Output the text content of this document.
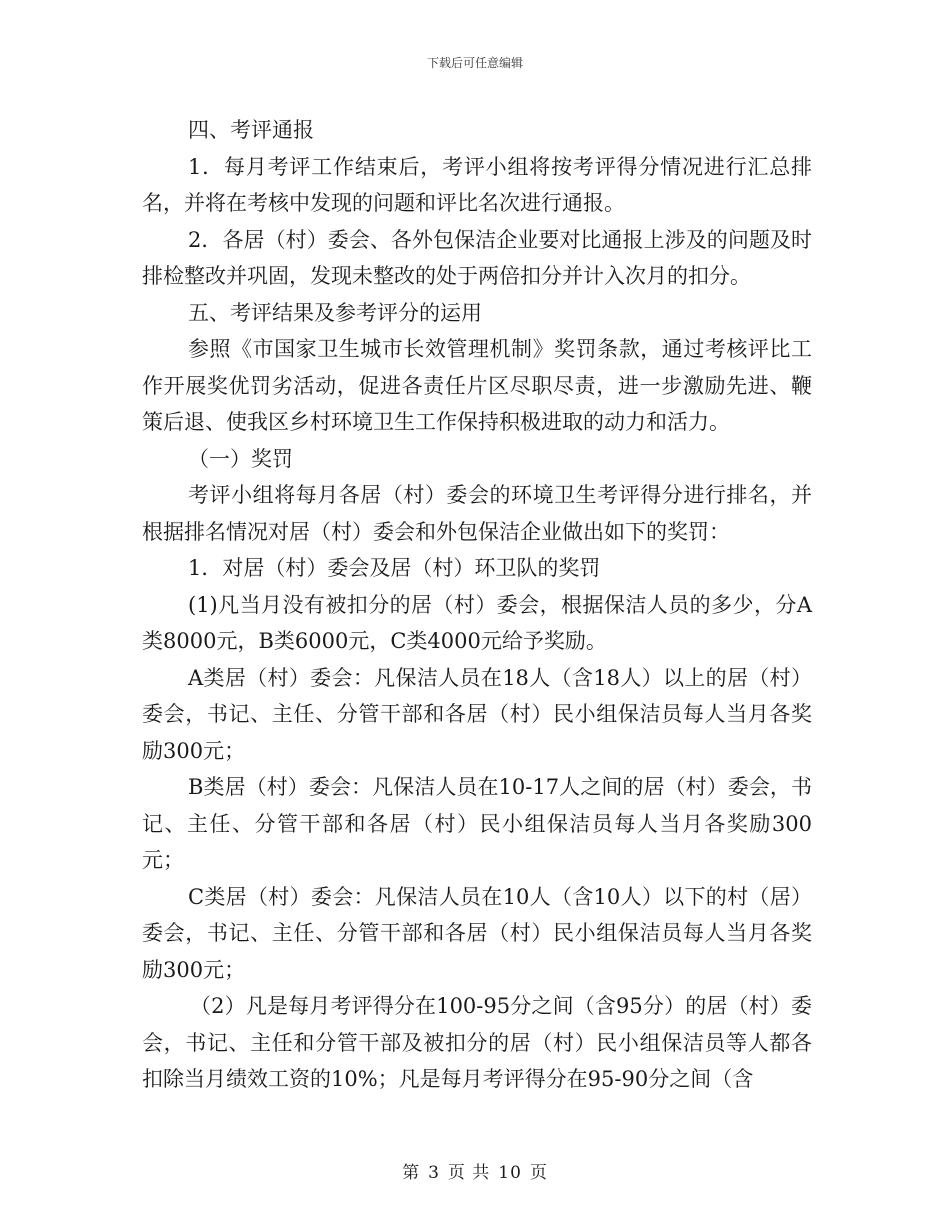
下载后可任意编辑

四、考评通报

1．每月考评工作结束后，考评小组将按考评得分情况进行汇总排名，并将在考核中发现的问题和评比名次进行通报。

2．各居（村）委会、各外包保洁企业要对比通报上涉及的问题及时排检整改并巩固，发现未整改的处于两倍扣分并计入次月的扣分。

五、考评结果及参考评分的运用

参照《市国家卫生城市长效管理机制》奖罚条款，通过考核评比工作开展奖优罚劣活动，促进各责任片区尽职尽责，进一步激励先进、鞭策后退、使我区乡村环境卫生工作保持积极进取的动力和活力。

（一）奖罚

考评小组将每月各居（村）委会的环境卫生考评得分进行排名，并根据排名情况对居（村）委会和外包保洁企业做出如下的奖罚：

1．对居（村）委会及居（村）环卫队的奖罚

(1)凡当月没有被扣分的居（村）委会，根据保洁人员的多少，分A类8000元，B类6000元，C类4000元给予奖励。

A类居（村）委会：凡保洁人员在18人（含18人）以上的居（村）委会，书记、主任、分管干部和各居（村）民小组保洁员每人当月各奖励300元；

B类居（村）委会：凡保洁人员在10-17人之间的居（村）委会，书记、主任、分管干部和各居（村）民小组保洁员每人当月各奖励300元；

C类居（村）委会：凡保洁人员在10人（含10人）以下的村（居）委会，书记、主任、分管干部和各居（村）民小组保洁员每人当月各奖励300元；

（2）凡是每月考评得分在100-95分之间（含95分）的居（村）委会，书记、主任和分管干部及被扣分的居（村）民小组保洁员等人都各扣除当月绩效工资的10%；凡是每月考评得分在95-90分之间（含

第 3 页 共 10 页
